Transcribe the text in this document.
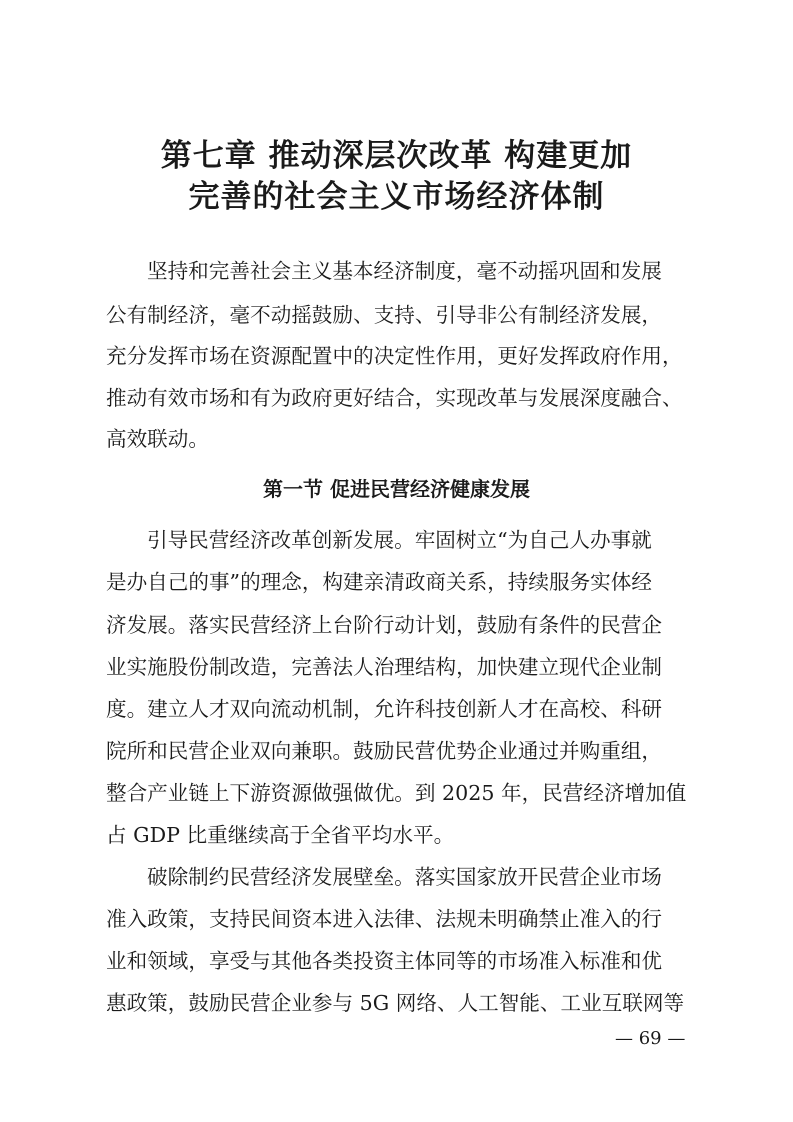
第七章 推动深层次改革 构建更加
完善的社会主义市场经济体制
坚持和完善社会主义基本经济制度，毫不动摇巩固和发展
公有制经济，毫不动摇鼓励、支持、引导非公有制经济发展，
充分发挥市场在资源配置中的决定性作用，更好发挥政府作用，
推动有效市场和有为政府更好结合，实现改革与发展深度融合、
高效联动。
第一节 促进民营经济健康发展
引导民营经济改革创新发展。牢固树立“为自己人办事就
是办自己的事”的理念，构建亲清政商关系，持续服务实体经
济发展。落实民营经济上台阶行动计划，鼓励有条件的民营企
业实施股份制改造，完善法人治理结构，加快建立现代企业制
度。建立人才双向流动机制，允许科技创新人才在高校、科研
院所和民营企业双向兼职。鼓励民营优势企业通过并购重组，
整合产业链上下游资源做强做优。到 2025 年，民营经济增加值
占 GDP 比重继续高于全省平均水平。
破除制约民营经济发展壁垒。落实国家放开民营企业市场
准入政策，支持民间资本进入法律、法规未明确禁止准入的行
业和领域，享受与其他各类投资主体同等的市场准入标准和优
惠政策，鼓励民营企业参与 5G 网络、人工智能、工业互联网等
— 69 —
